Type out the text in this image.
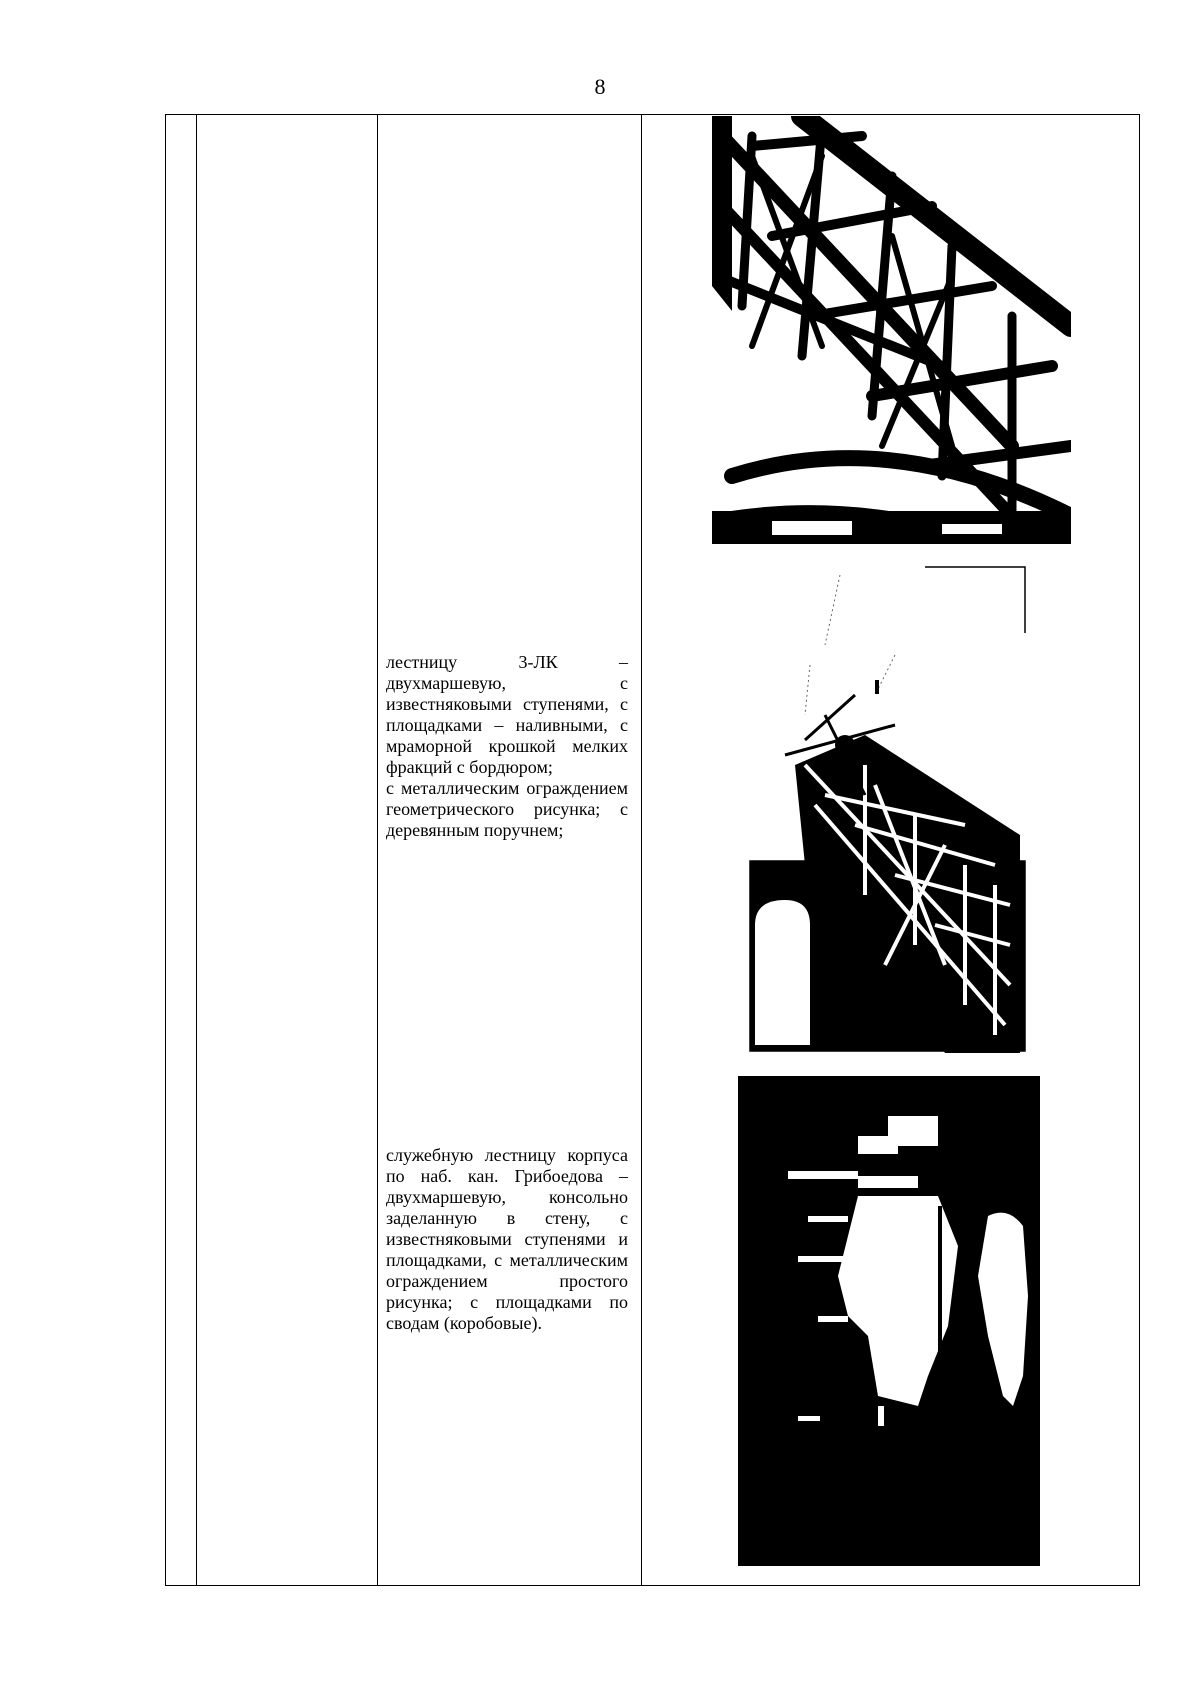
8

лестницу 3-ЛК – двухмаршевую, с известняковыми ступенями, с площадками – наливными, с мраморной крошкой мелких фракций с бордюром;

с металлическим ограждением геометрического рисунка; с деревянным поручнем;

служебную лестницу корпуса по наб. кан. Грибоедова – двухмаршевую, консольно заделанную в стену, с известняковыми ступенями и площадками, с металлическим ограждением простого рисунка; с площадками по сводам (коробовые).
